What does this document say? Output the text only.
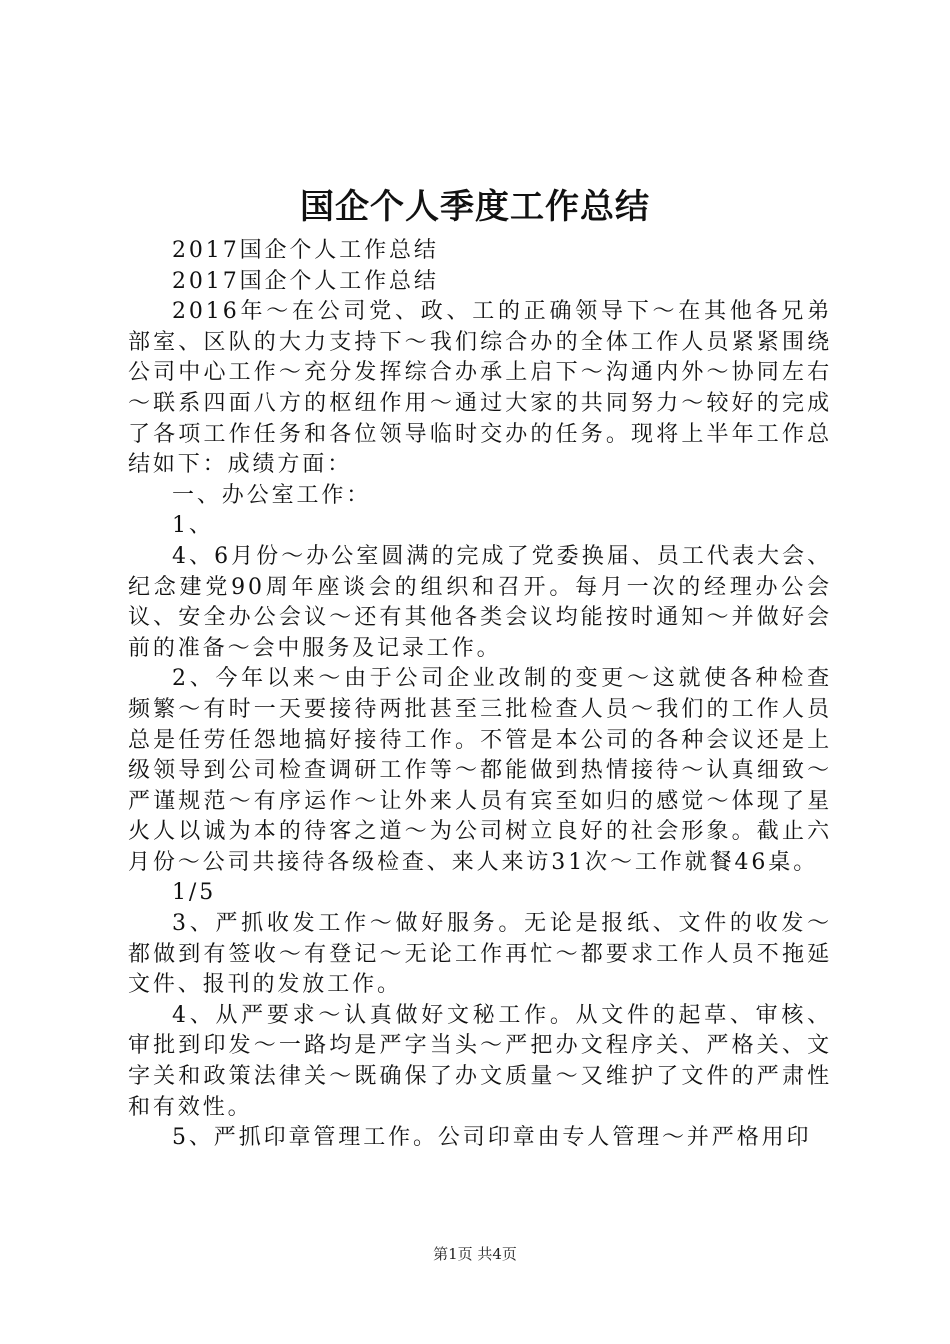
国企个人季度工作总结

2017国企个人工作总结

2017国企个人工作总结

2016年～在公司党、政、工的正确领导下～在其他各兄弟部室、区队的大力支持下～我们综合办的全体工作人员紧紧围绕公司中心工作～充分发挥综合办承上启下～沟通内外～协同左右～联系四面八方的枢纽作用～通过大家的共同努力～较好的完成了各项工作任务和各位领导临时交办的任务。现将上半年工作总结如下：成绩方面：

一、办公室工作：

1、

4、6月份～办公室圆满的完成了党委换届、员工代表大会、纪念建党90周年座谈会的组织和召开。每月一次的经理办公会议、安全办公会议～还有其他各类会议均能按时通知～并做好会前的准备～会中服务及记录工作。

2、今年以来～由于公司企业改制的变更～这就使各种检查频繁～有时一天要接待两批甚至三批检查人员～我们的工作人员总是任劳任怨地搞好接待工作。不管是本公司的各种会议还是上级领导到公司检查调研工作等～都能做到热情接待～认真细致～严谨规范～有序运作～让外来人员有宾至如归的感觉～体现了星火人以诚为本的待客之道～为公司树立良好的社会形象。截止六月份～公司共接待各级检查、来人来访31次～工作就餐46桌。

1/5

3、严抓收发工作～做好服务。无论是报纸、文件的收发～都做到有签收～有登记～无论工作再忙～都要求工作人员不拖延文件、报刊的发放工作。

4、从严要求～认真做好文秘工作。从文件的起草、审核、审批到印发～一路均是严字当头～严把办文程序关、严格关、文字关和政策法律关～既确保了办文质量～又维护了文件的严肃性和有效性。

5、严抓印章管理工作。公司印章由专人管理～并严格用印

第1页 共4页
